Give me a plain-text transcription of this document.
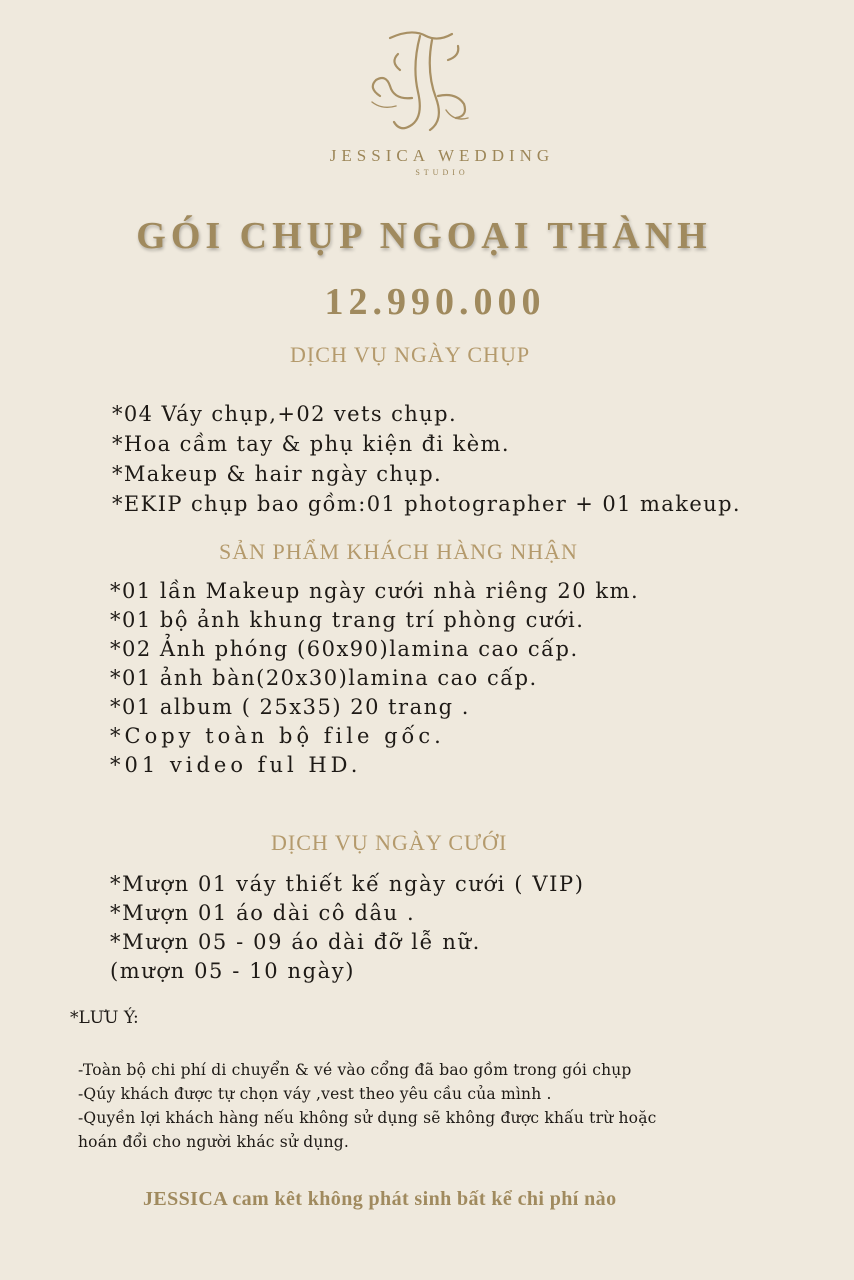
JESSICA WEDDING
STUDIO
GÓI CHỤP NGOẠI THÀNH
12.990.000
DỊCH VỤ NGÀY CHỤP
*04 Váy chụp,+02 vets chụp.
*Hoa cầm tay & phụ kiện đi kèm.
*Makeup & hair ngày chụp.
*EKIP chụp bao gồm:01 photographer + 01 makeup.
SẢN PHẨM KHÁCH HÀNG NHẬN
*01 lần Makeup ngày cưới nhà riêng 20 km.
*01 bộ ảnh khung trang trí phòng cưới.
*02 Ảnh phóng (60x90)lamina cao cấp.
*01 ảnh bàn(20x30)lamina cao cấp.
*01 album ( 25x35) 20 trang .
*Copy toàn bộ file gốc.
*01 video ful HD.
DỊCH VỤ NGÀY CƯỚI
*Mượn 01 váy thiết kế ngày cưới ( VIP)
*Mượn 01 áo dài cô dâu .
*Mượn 05 - 09 áo dài đỡ lễ nữ.
(mượn 05 - 10 ngày)
*LƯU Ý:
-Toàn bộ chi phí di chuyển & vé vào cổng đã bao gồm trong gói chụp
-Qúy khách được tự chọn váy ,vest theo yêu cầu của mình .
-Quyền lợi khách hàng nếu không sử dụng sẽ không được khấu trừ hoặc
hoán đổi cho người khác sử dụng.
JESSICA cam kêt không phát sinh bất kể chi phí nào
